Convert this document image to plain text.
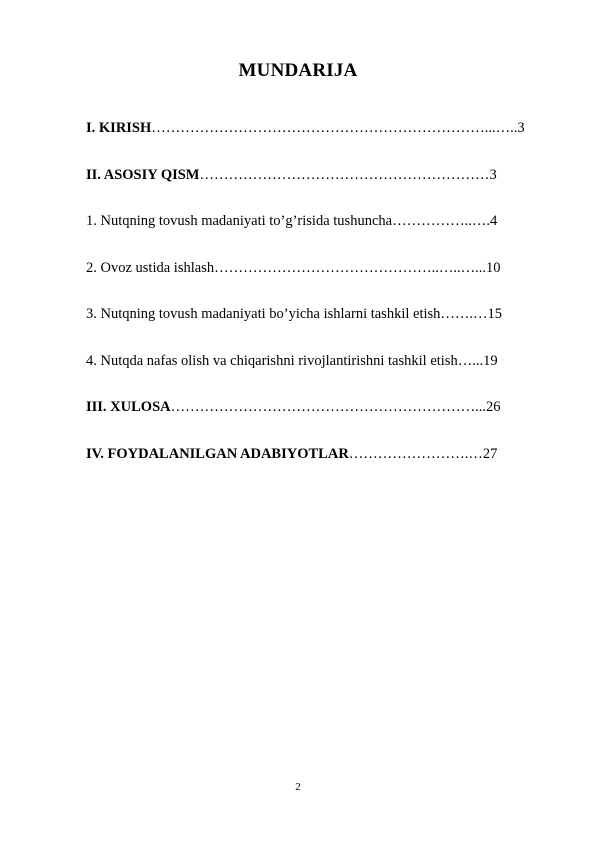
MUNDARIJA
I. KIRISH……………………………………………………………...…..3
II. ASOSIY QISM……………………………………………………3
1. Nutqning tovush madaniyati to’g’risida tushuncha……………..….4
2. Ovoz ustida ishlash………………………………………..…..…...10
3. Nutqning tovush madaniyati bo’yicha ishlarni tashkil etish…….…15
4. Nutqda nafas olish va chiqarishni rivojlantirishni tashkil etish…...19
III. XULOSA………………………………………………………...26
IV. FOYDALANILGAN ADABIYOTLAR…………………….…27
2
